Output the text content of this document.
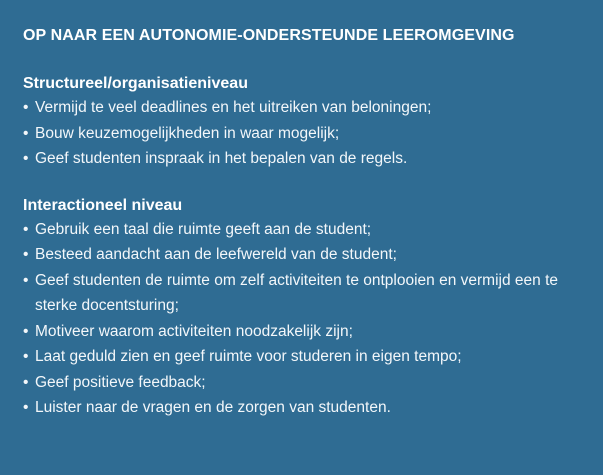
OP NAAR EEN AUTONOMIE-ONDERSTEUNDE LEEROMGEVING
Structureel/organisatieniveau
• Vermijd te veel deadlines en het uitreiken van beloningen;
• Bouw keuzemogelijkheden in waar mogelijk;
• Geef studenten inspraak in het bepalen van de regels.
Interactioneel niveau
• Gebruik een taal die ruimte geeft aan de student;
• Besteed aandacht aan de leefwereld van de student;
• Geef studenten de ruimte om zelf activiteiten te ontplooien en vermijd een te sterke docentsturing;
• Motiveer waarom activiteiten noodzakelijk zijn;
• Laat geduld zien en geef ruimte voor studeren in eigen tempo;
• Geef positieve feedback;
• Luister naar de vragen en de zorgen van studenten.
